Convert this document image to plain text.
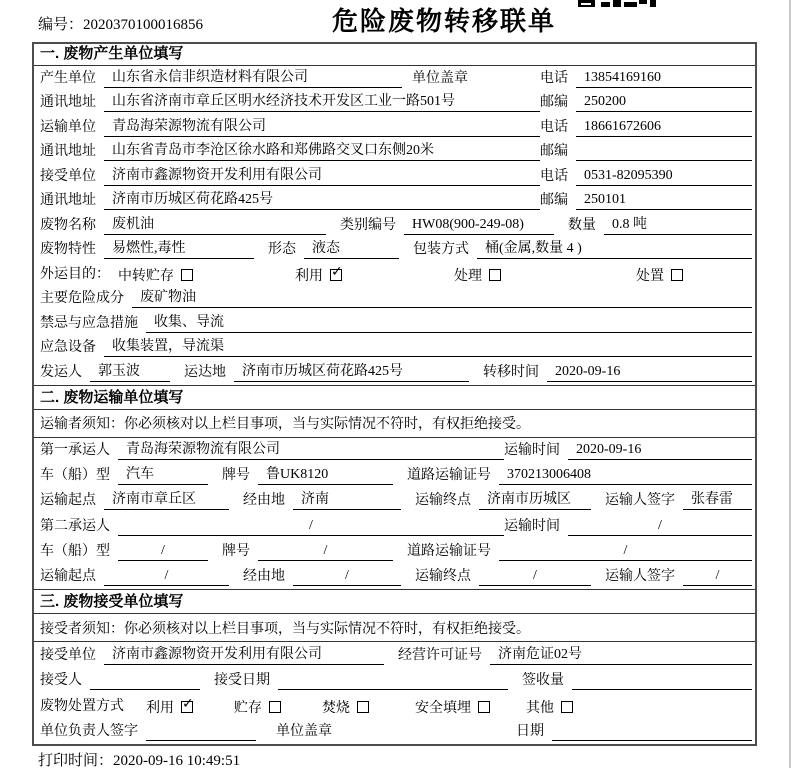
编号：2020370100016856	危险废物转移联单
一. 废物产生单位填写
产生单位	山东省永信非织造材料有限公司	单位盖章	电话	13854169160
通讯地址	山东省济南市章丘区明水经济技术开发区工业一路501号	邮编	250200
运输单位	青岛海荣源物流有限公司	电话	18661672606
通讯地址	山东省青岛市李沧区徐水路和郑佛路交叉口东侧20米	邮编
接受单位	济南市鑫源物资开发利用有限公司	电话	0531-82095390
通讯地址	济南市历城区荷花路425号	邮编	250101
废物名称	废机油	类别编号	HW08(900-249-08)	数量	0.8 吨
废物特性	易燃性,毒性	形态	液态	包装方式	桶(金属,数量 4 )
外运目的： 中转贮存	利用 ✓	处理	处置
主要危险成分	废矿物油
禁忌与应急措施	收集、导流
应急设备	收集装置，导流渠
发运人	郭玉波	运达地	济南市历城区荷花路425号	转移时间	2020-09-16
二. 废物运输单位填写
运输者须知：你必须核对以上栏目事项，当与实际情况不符时，有权拒绝接受。
第一承运人	青岛海荣源物流有限公司	运输时间	2020-09-16
车（船）型	汽车	牌号	鲁UK8120	道路运输证号	370213006408
运输起点	济南市章丘区	经由地	济南	运输终点	济南市历城区	运输人签字	张春雷
第二承运人	/	运输时间	/
车（船）型	/	牌号	/	道路运输证号	/
运输起点	/	经由地	/	运输终点	/	运输人签字	/
三. 废物接受单位填写
接受者须知：你必须核对以上栏目事项，当与实际情况不符时，有权拒绝接受。
接受单位	济南市鑫源物资开发利用有限公司	经营许可证号	济南危证02号
接受人	接受日期	签收量
废物处置方式 利用 ✓	贮存	焚烧	安全填埋	其他
单位负责人签字	单位盖章	日期
打印时间：2020-09-16 10:49:51
